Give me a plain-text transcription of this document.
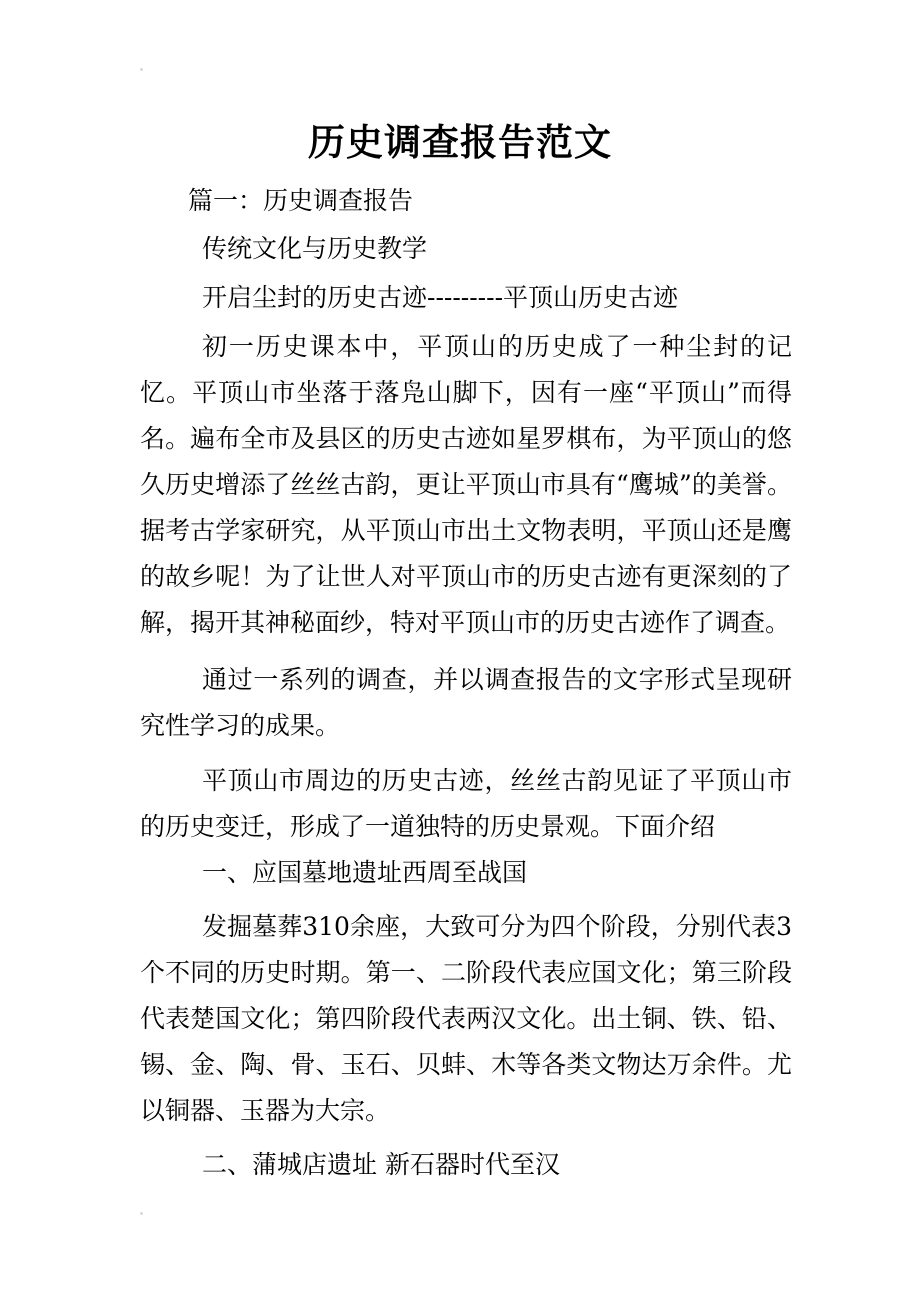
历史调查报告范文
篇一：历史调查报告
传统文化与历史教学
开启尘封的历史古迹---------平顶山历史古迹
初一历史课本中，平顶山的历史成了一种尘封的记忆。平顶山市坐落于落凫山脚下，因有一座“平顶山”而得名。遍布全市及县区的历史古迹如星罗棋布，为平顶山的悠久历史增添了丝丝古韵，更让平顶山市具有“鹰城”的美誉。据考古学家研究，从平顶山市出土文物表明，平顶山还是鹰的故乡呢！为了让世人对平顶山市的历史古迹有更深刻的了解，揭开其神秘面纱，特对平顶山市的历史古迹作了调查。
通过一系列的调查，并以调查报告的文字形式呈现研究性学习的成果。
平顶山市周边的历史古迹，丝丝古韵见证了平顶山市的历史变迁，形成了一道独特的历史景观。下面介绍
一、应国墓地遗址西周至战国
发掘墓葬310余座，大致可分为四个阶段，分别代表3个不同的历史时期。第一、二阶段代表应国文化；第三阶段代表楚国文化；第四阶段代表两汉文化。出土铜、铁、铅、锡、金、陶、骨、玉石、贝蚌、木等各类文物达万余件。尤以铜器、玉器为大宗。
二、蒲城店遗址 新石器时代至汉
